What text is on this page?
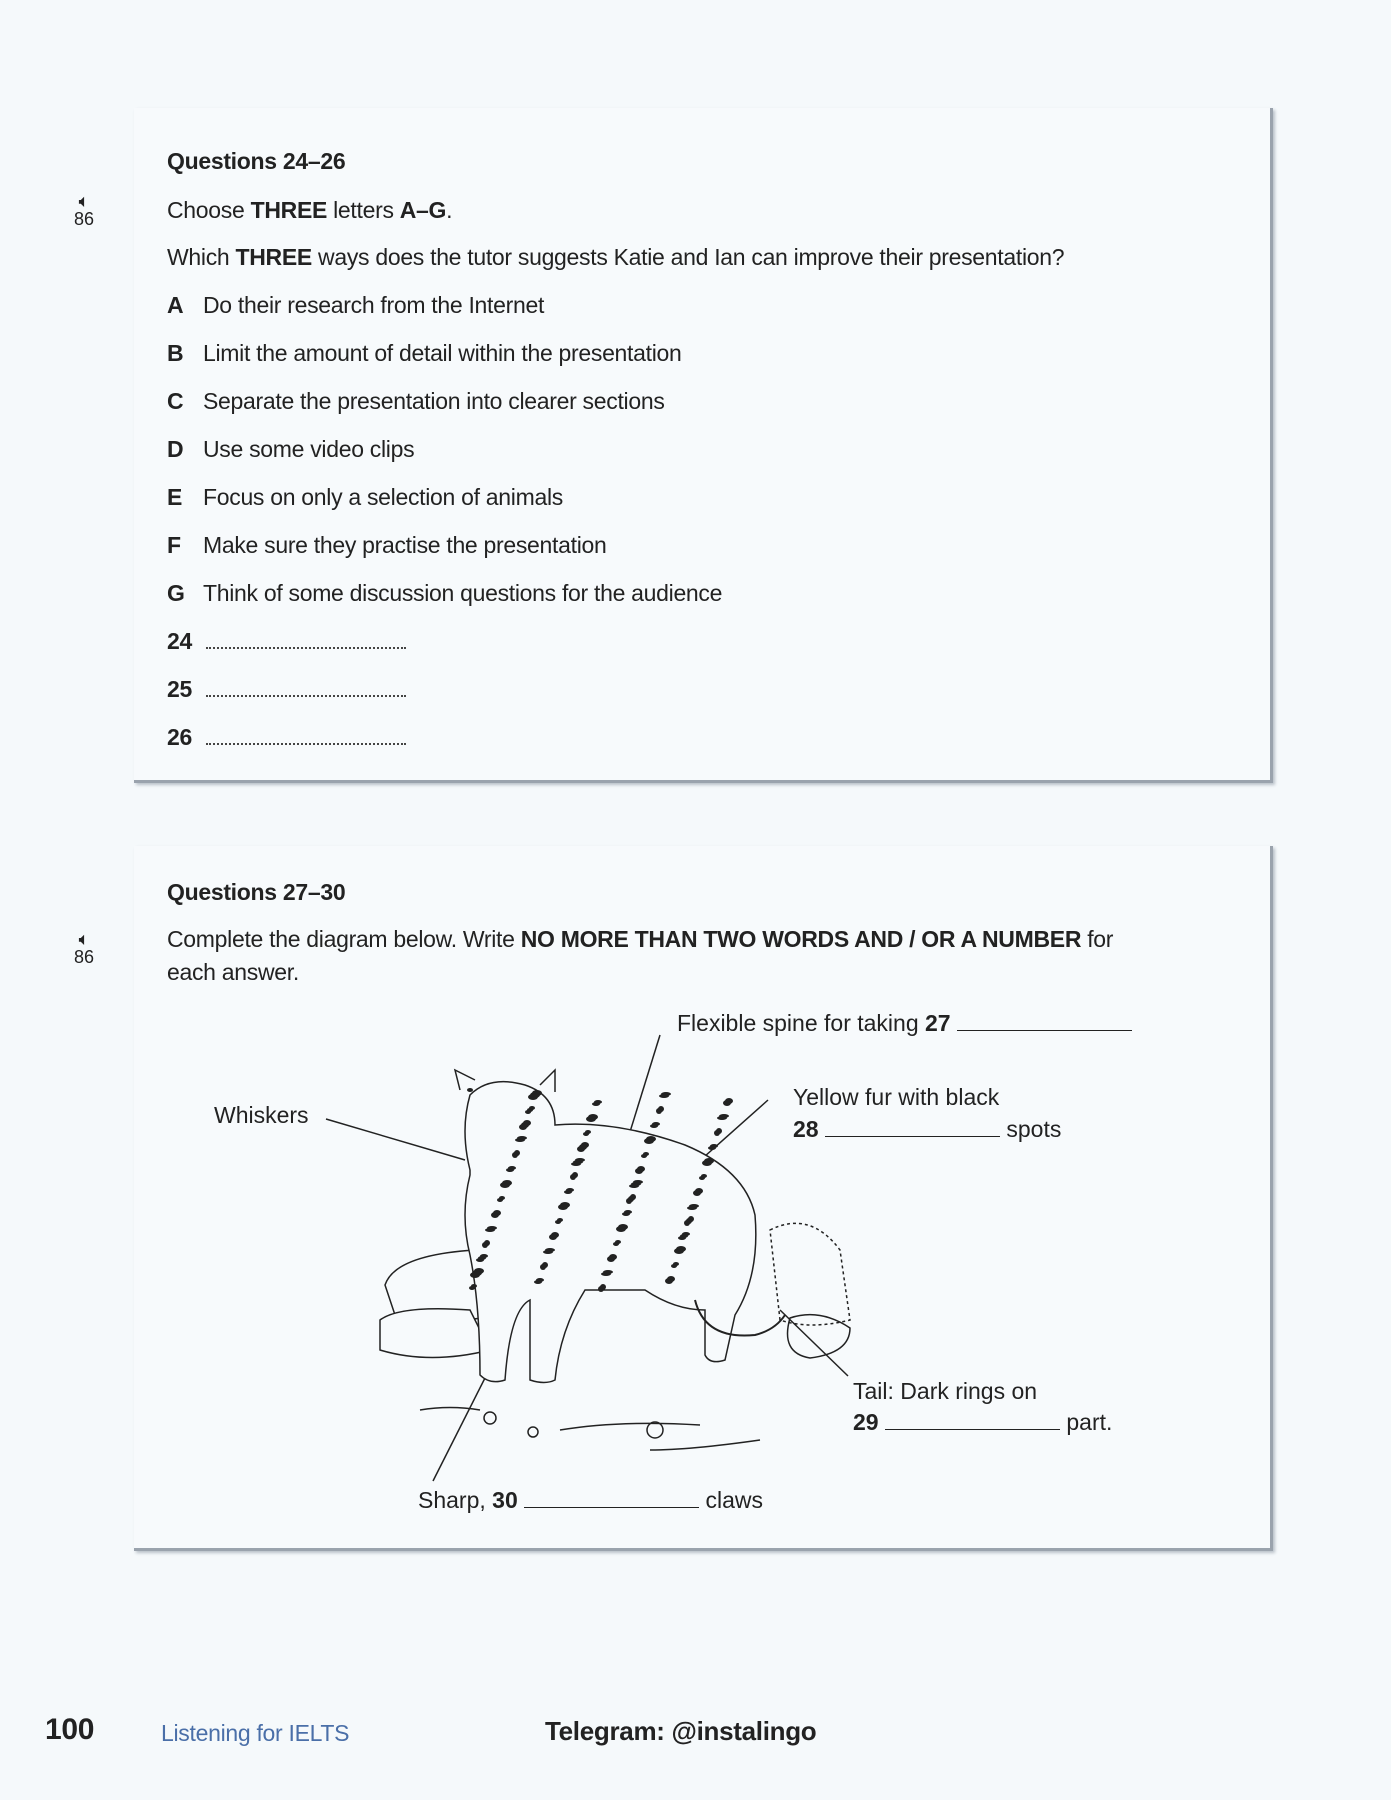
Questions 24–26
🔈︎
86	Choose THREE letters A–G.
Which THREE ways does the tutor suggests Katie and Ian can improve their presentation?
A Do their research from the Internet
B Limit the amount of detail within the presentation
C Separate the presentation into clearer sections
D Use some video clips
E Focus on only a selection of animals
F Make sure they practise the presentation
G Think of some discussion questions for the audience
24
25
26
Questions 27–30
🔈︎
86
Complete the diagram below. Write NO MORE THAN TWO WORDS AND / OR A NUMBER for
each answer.
Flexible spine for taking 27
Whiskers
Yellow fur with black
28	spots
Tail: Dark rings on
29	part.
Sharp, 30	claws
100	Listening for IELTS	Telegram: @instalingo
